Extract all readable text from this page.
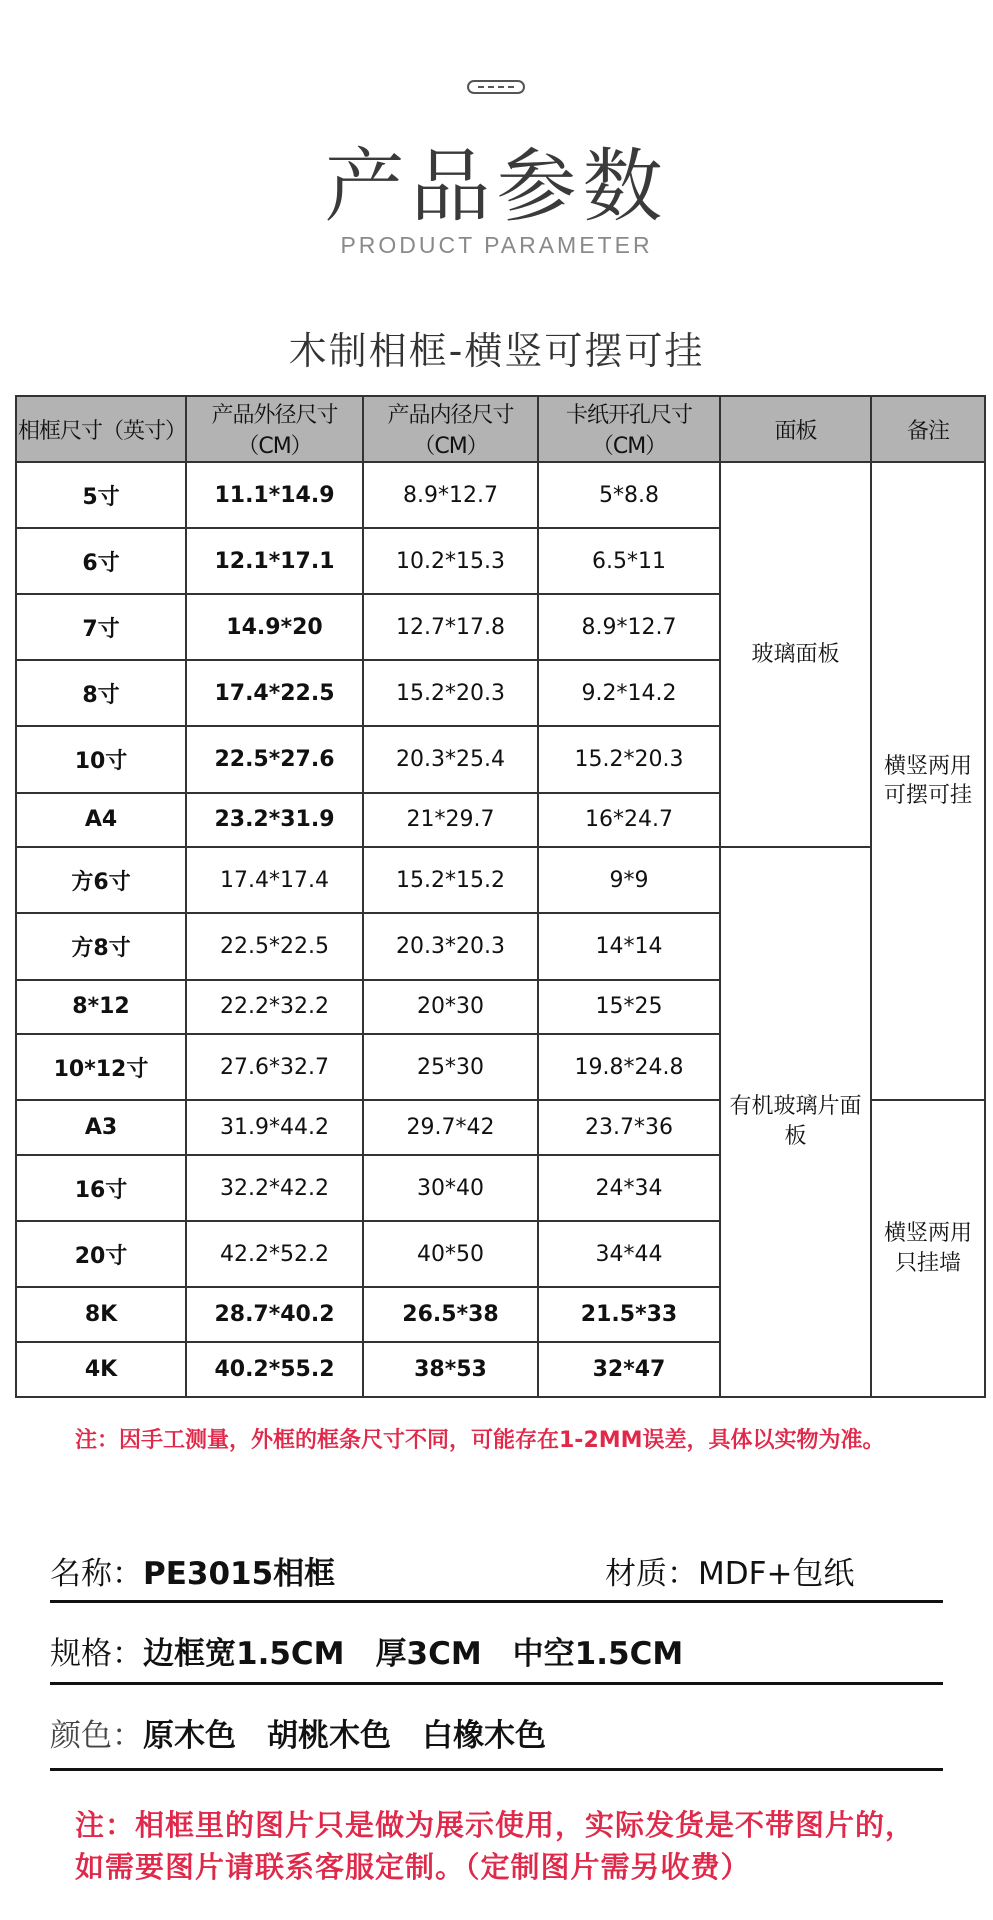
产品参数
PRODUCT PARAMETER
木制相框-横竖可摆可挂
相框尺寸（英寸）	产品外径尺寸（CM）	产品内径尺寸（CM）	卡纸开孔尺寸（CM）	面板	备注
5寸	11.1*14.9	8.9*12.7	5*8.8	玻璃面板	横竖两用
可摆可挂
6寸	12.1*17.1	10.2*15.3	6.5*11		
7寸	14.9*20	12.7*17.8	8.9*12.7		
8寸	17.4*22.5	15.2*20.3	9.2*14.2		
10寸	22.5*27.6	20.3*25.4	15.2*20.3		
A4	23.2*31.9	21*29.7	16*24.7		
方6寸	17.4*17.4	15.2*15.2	9*9	有机玻璃片面板	
方8寸	22.5*22.5	20.3*20.3	14*14		
8*12	22.2*32.2	20*30	15*25		
10*12寸	27.6*32.7	25*30	19.8*24.8		
A3	31.9*44.2	29.7*42	23.7*36		横竖两用
只挂墙
16寸	32.2*42.2	30*40	24*34		
20寸	42.2*52.2	40*50	34*44		
8K	28.7*40.2	26.5*38	21.5*33		
4K	40.2*55.2	38*53	32*47		
注：因手工测量，外框的框条尺寸不同，可能存在1-2MM误差，具体以实物为准。
名称：PE3015相框	材质：MDF+包纸
规格：边框宽1.5CM　厚3CM　中空1.5CM
颜色：原木色　胡桃木色　白橡木色
注：相框里的图片只是做为展示使用，实际发货是不带图片的，
如需要图片请联系客服定制。（定制图片需另收费）
